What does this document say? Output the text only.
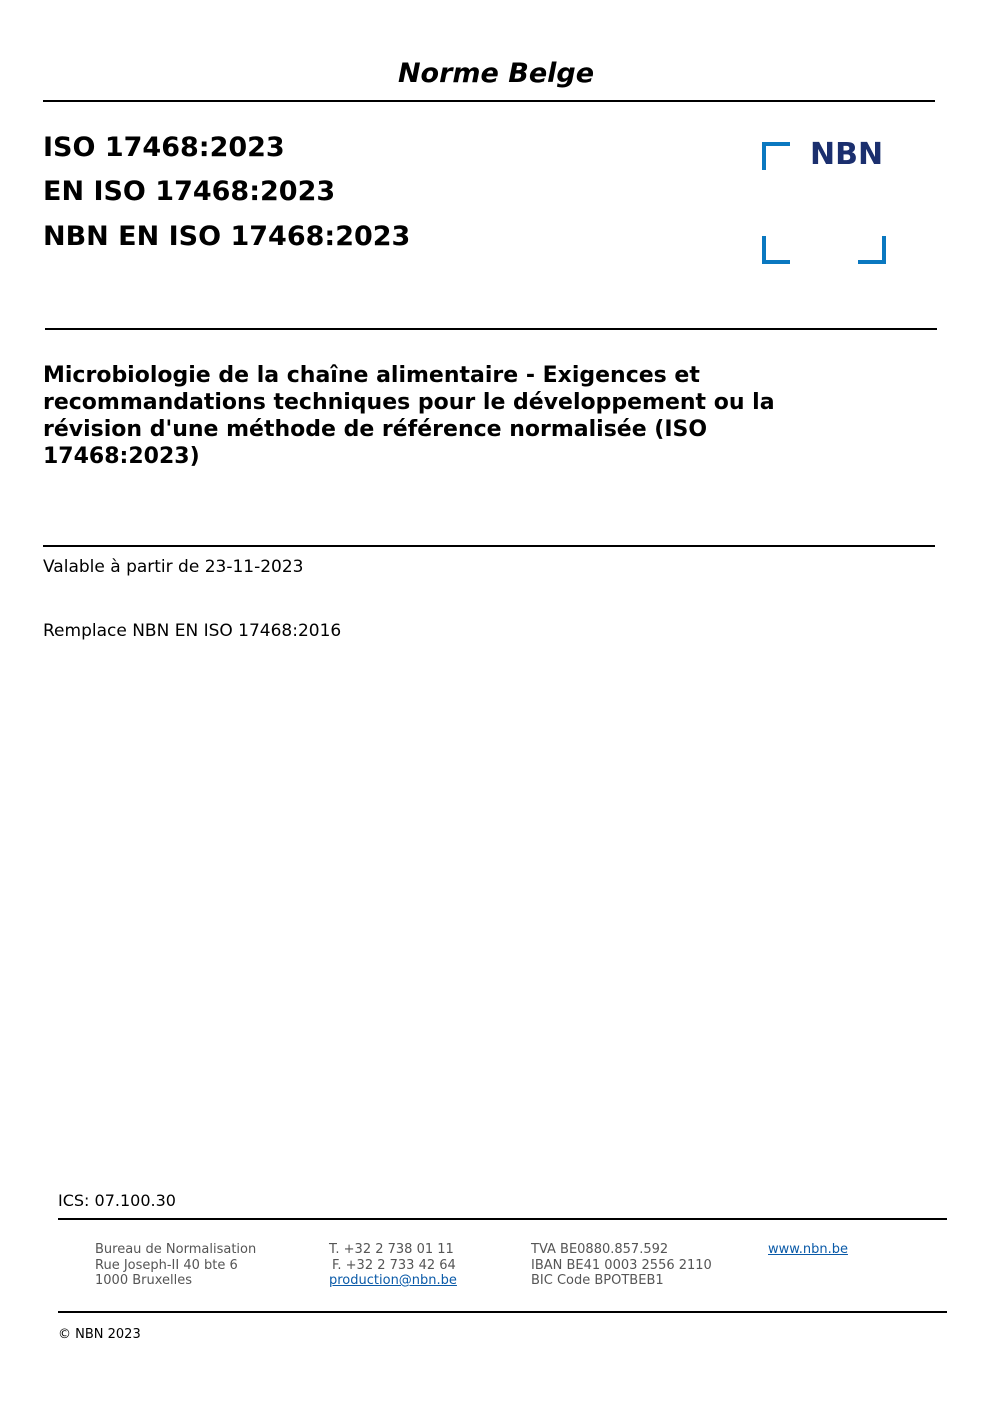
Norme Belge
ISO 17468:2023
EN ISO 17468:2023
NBN EN ISO 17468:2023
NBN
Microbiologie de la chaîne alimentaire - Exigences et recommandations techniques pour le développement ou la révision d'une méthode de référence normalisée (ISO 17468:2023)
Valable à partir de 23-11-2023
Remplace NBN EN ISO 17468:2016
ICS: 07.100.30
Bureau de Normalisation
Rue Joseph-II 40 bte 6
1000 Bruxelles
T. +32 2 738 01 11
F. +32 2 733 42 64
production@nbn.be
TVA BE0880.857.592
IBAN BE41 0003 2556 2110
BIC Code BPOTBEB1
www.nbn.be
© NBN 2023
